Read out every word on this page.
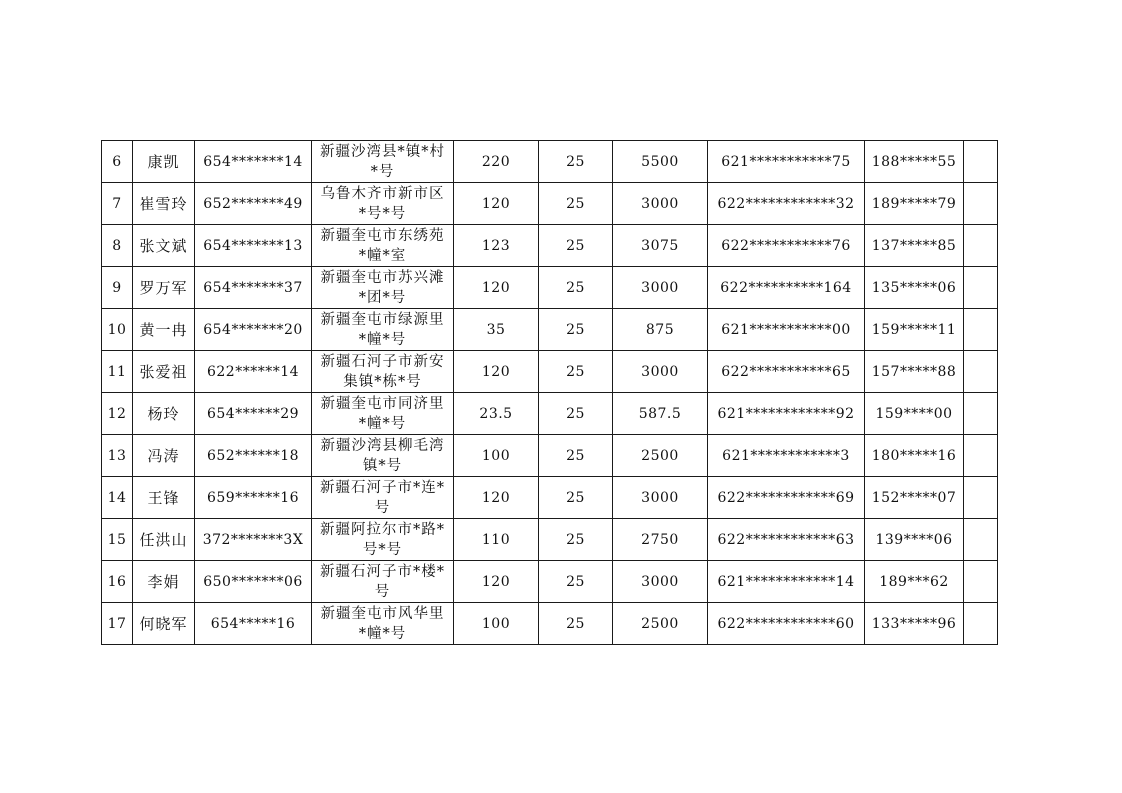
6	康凯	654*******14	新疆沙湾县*镇*村*号	220	25	5500	621***********75	188*****55	
7	崔雪玲	652*******49	乌鲁木齐市新市区*号*号	120	25	3000	622************32	189*****79	
8	张文斌	654*******13	新疆奎屯市东绣苑*幢*室	123	25	3075	622***********76	137*****85	
9	罗万军	654*******37	新疆奎屯市苏兴滩*团*号	120	25	3000	622**********164	135*****06	
10	黄一冉	654*******20	新疆奎屯市绿源里*幢*号	35	25	875	621***********00	159*****11	
11	张爱祖	622******14	新疆石河子市新安集镇*栋*号	120	25	3000	622***********65	157*****88	
12	杨玲	654******29	新疆奎屯市同济里*幢*号	23.5	25	587.5	621************92	159****00	
13	冯涛	652******18	新疆沙湾县柳毛湾镇*号	100	25	2500	621************3	180*****16	
14	王锋	659******16	新疆石河子市*连*号	120	25	3000	622************69	152*****07	
15	任洪山	372*******3X	新疆阿拉尔市*路*号*号	110	25	2750	622************63	139****06	
16	李娟	650*******06	新疆石河子市*楼*号	120	25	3000	621************14	189***62	
17	何晓军	654*****16	新疆奎屯市风华里*幢*号	100	25	2500	622************60	133*****96	
